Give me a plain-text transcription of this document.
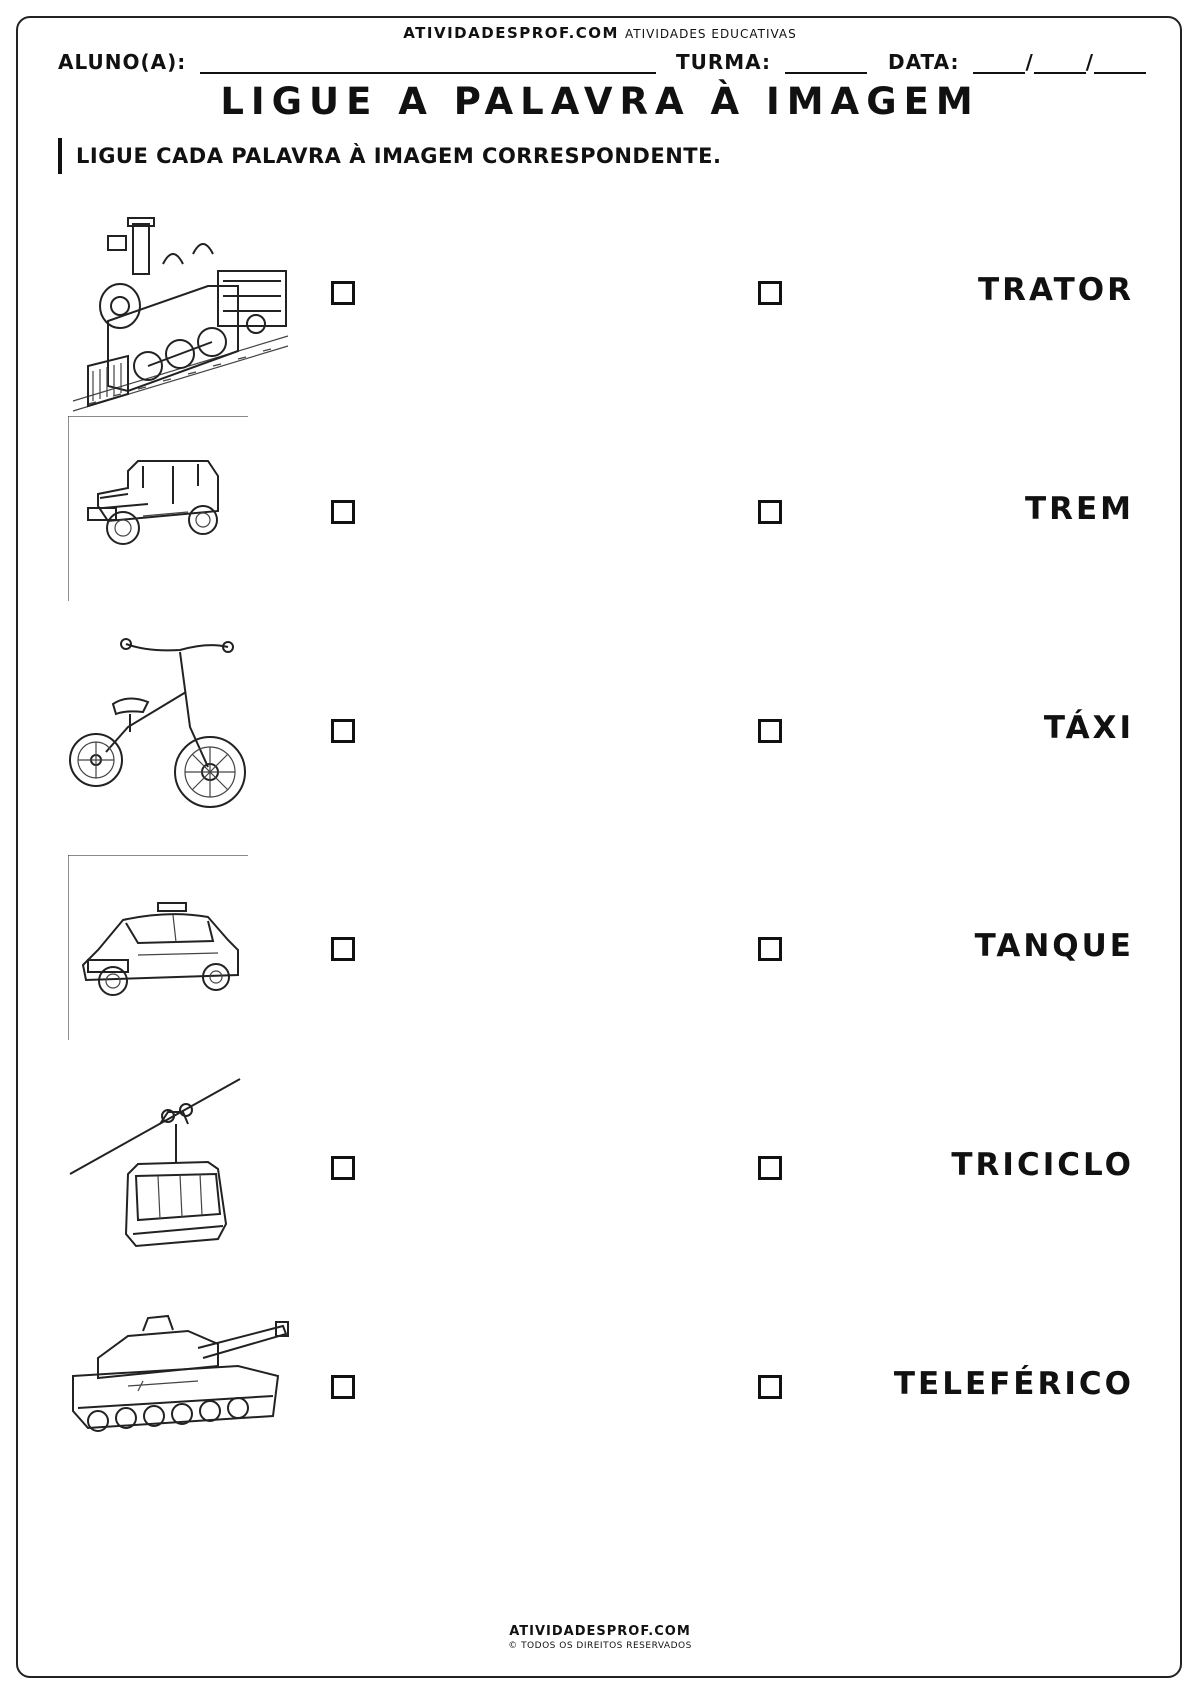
ATIVIDADESPROF.COM ATIVIDADES EDUCATIVAS
ALUNO(A):	TURMA:	DATA:	/	/
LIGUE A PALAVRA À IMAGEM
LIGUE CADA PALAVRA À IMAGEM CORRESPONDENTE.
TRATOR
TREM
TÁXI
TANQUE
TRICICLO
TELEFÉRICO
ATIVIDADESPROF.COM
© TODOS OS DIREITOS RESERVADOS
